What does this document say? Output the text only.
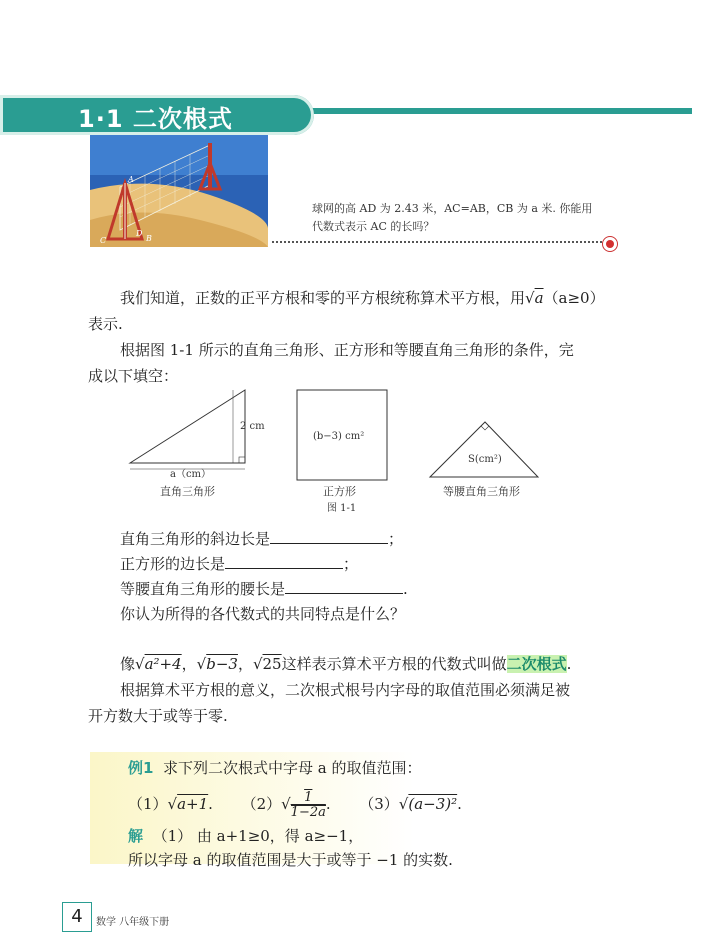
1·1 二次根式
A
B
C
D
球网的高 AD 为 2.43 米，AC=AB，CB 为 a 米. 你能用
代数式表示 AC 的长吗？
我们知道，正数的正平方根和零的平方根统称算术平方根，用√a（a≥0）
表示.
根据图 1-1 所示的直角三角形、正方形和等腰直角三角形的条件，完
成以下填空：
2 cm
a（cm）
直角三角形
(b−3) cm²
正方形
S(cm²)
等腰直角三角形
图 1-1
直角三角形的斜边长是	；
正方形的边长是	；
等腰直角三角形的腰长是	.
你认为所得的各代数式的共同特点是什么？
像√a²+4，√b−3，√25这样表示算术平方根的代数式叫做二次根式.
根据算术平方根的意义，二次根式根号内字母的取值范围必须满足被
开方数大于或等于零.
例1 求下列二次根式中字母 a 的取值范围：
（1）√a+1.      $(2)√ \frac{1}{1-2a}$ .      （3）√(a−3)².
解 （1） 由 a+1≥0，得 a≥−1，
所以字母 a 的取值范围是大于或等于 −1 的实数.
4	数学 八年级下册
